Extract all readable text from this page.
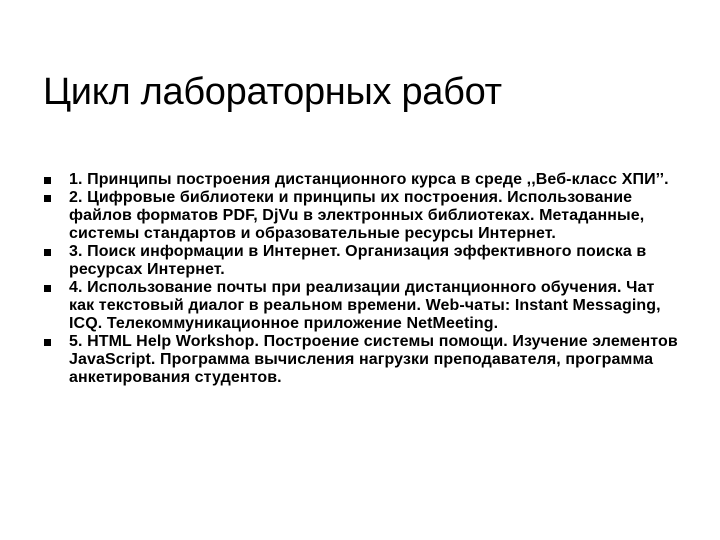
Цикл лабораторных работ
1. Принципы построения дистанционного курса в среде ,,Веб-класс ХПИ’’.
2. Цифровые библиотеки и принципы их построения. Использование файлов форматов PDF, DjVu в электронных библиотеках. Метаданные, системы стандартов и образовательные ресурсы Интернет.
3. Поиск информации в Интернет. Организация эффективного поиска в ресурсах Интернет.
4. Использование почты при реализации дистанционного обучения. Чат как текстовый диалог в реальном времени. Web-чаты: Instant Messaging, ICQ. Телекоммуникационное приложение NetMeeting.
5. HTML Help Workshop. Построение системы помощи. Изучение элементов JavaScript. Программа вычисления нагрузки преподавателя, программа анкетирования студентов.
